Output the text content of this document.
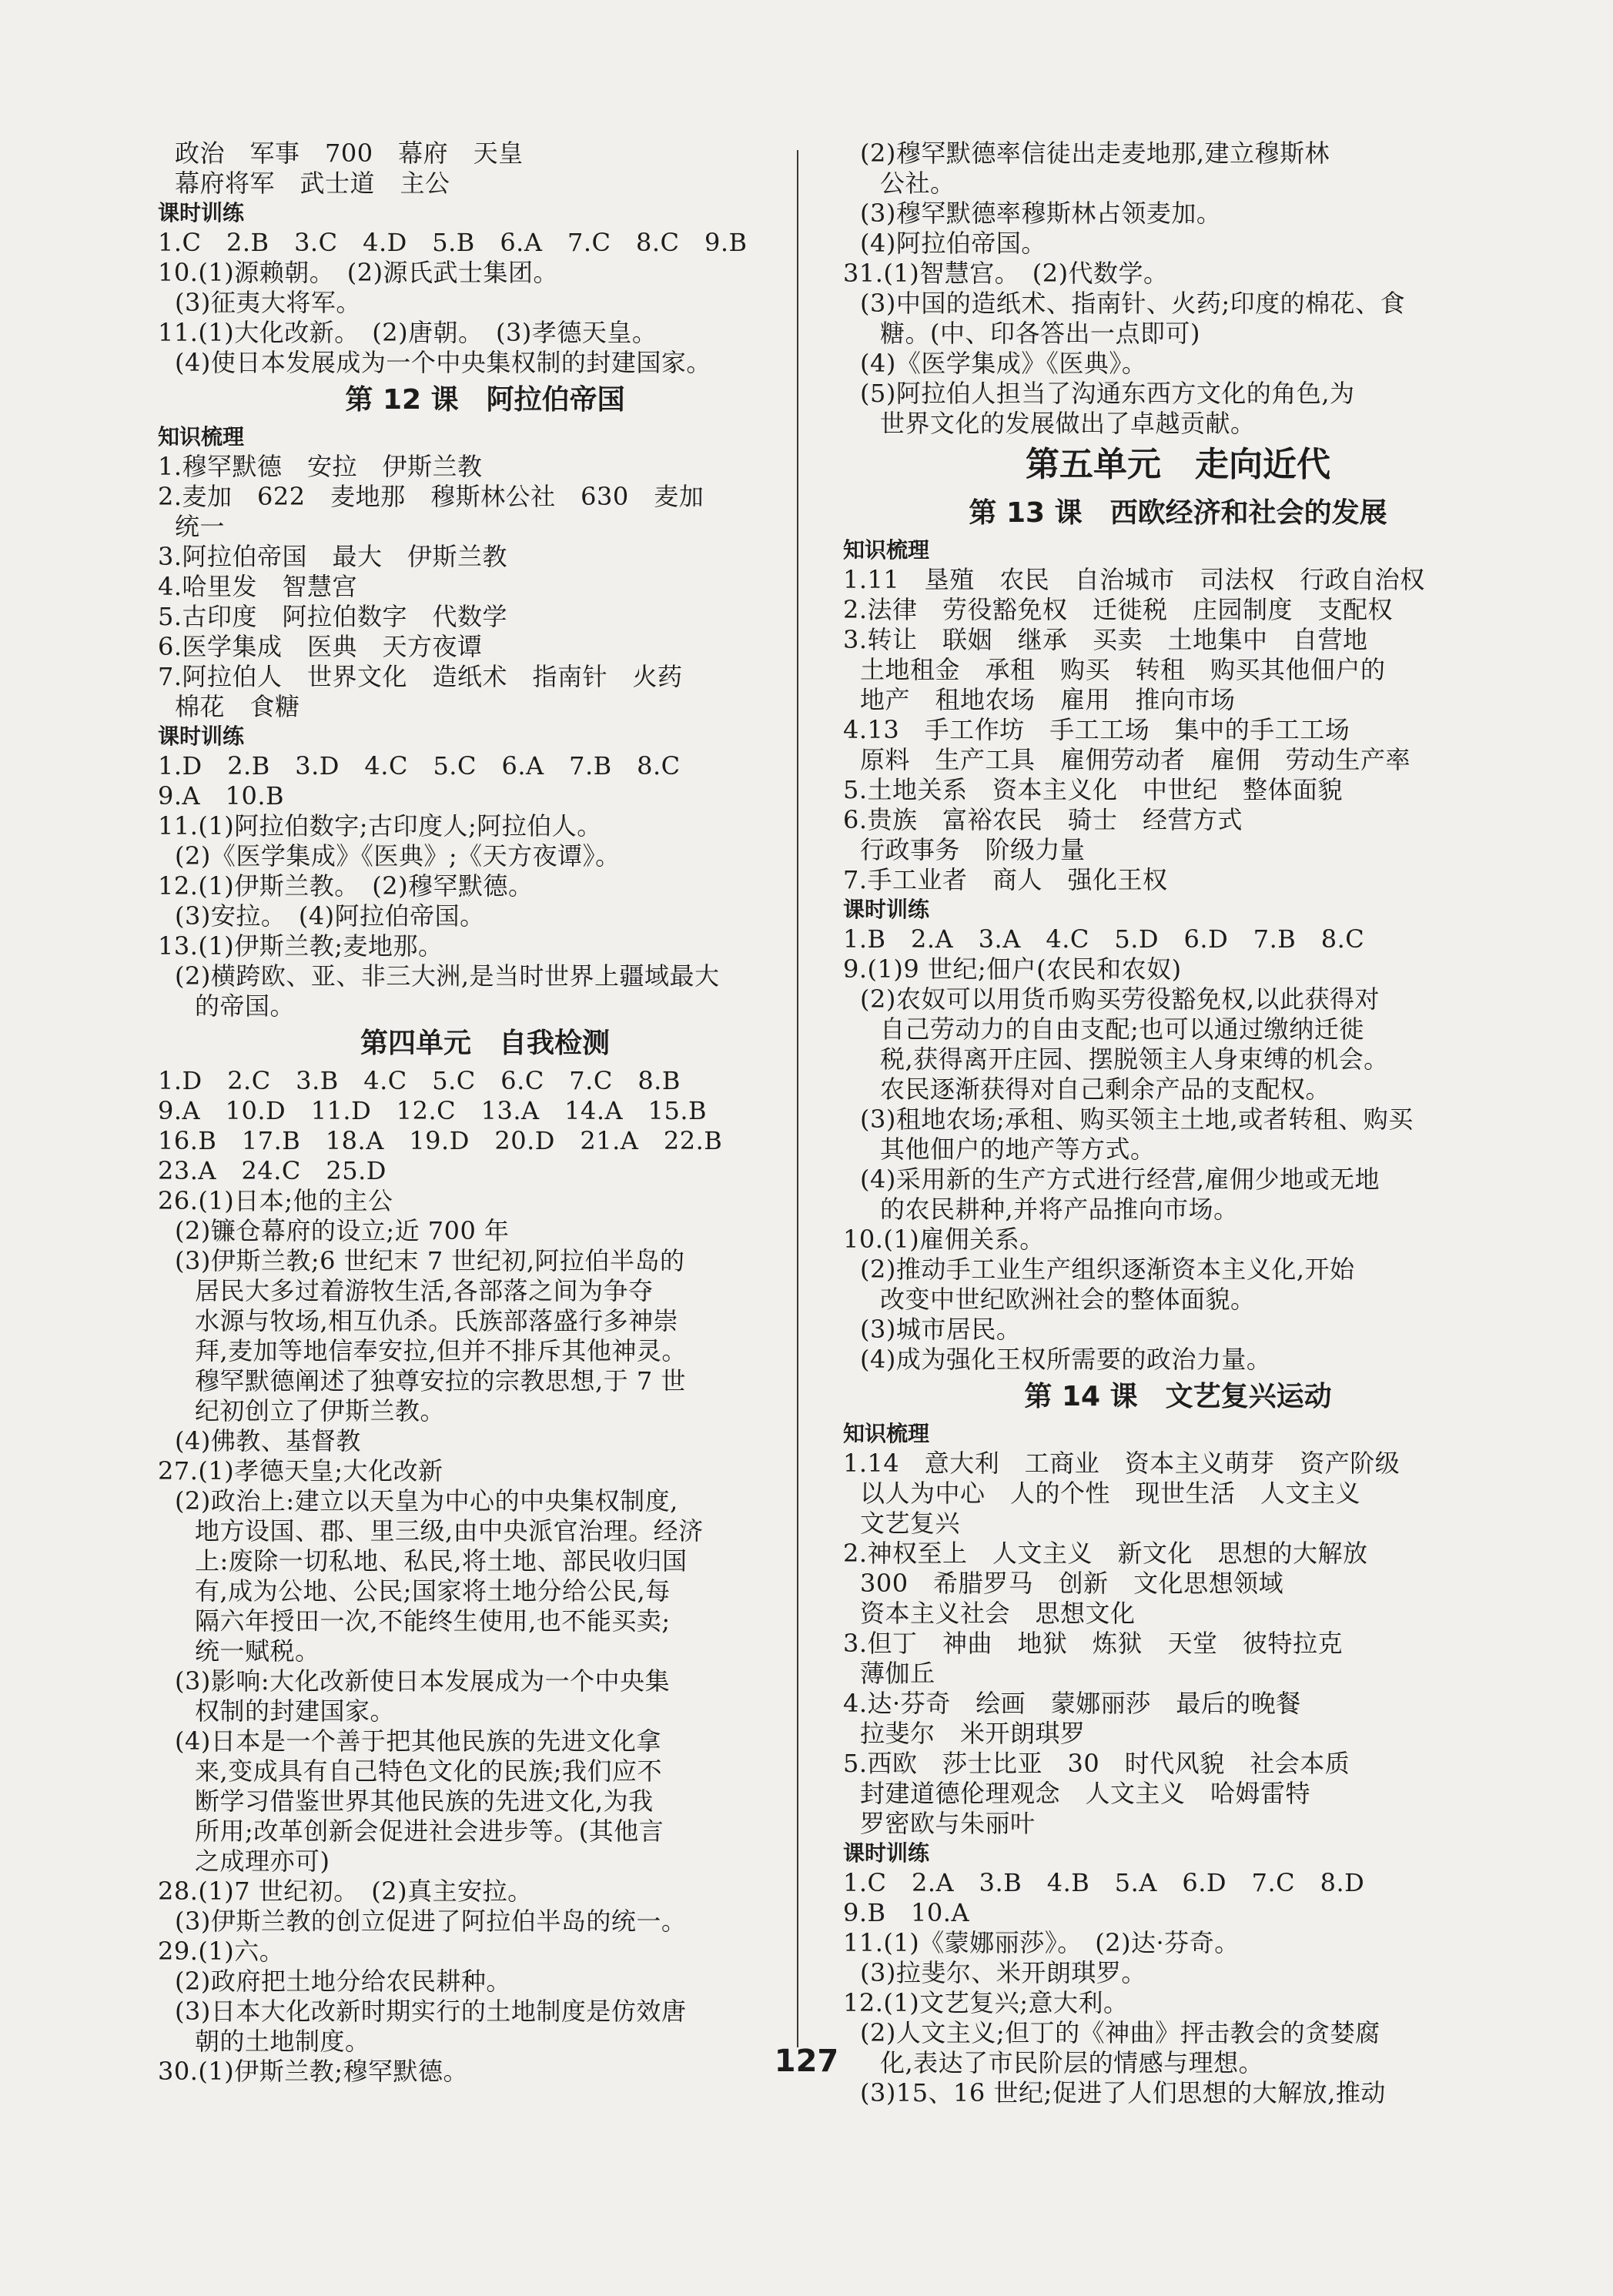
政治　军事　700　幕府　天皇
幕府将军　武士道　主公
课时训练
1.C　2.B　3.C　4.D　5.B　6.A　7.C　8.C　9.B
10.(1)源赖朝。　(2)源氏武士集团。
(3)征夷大将军。
11.(1)大化改新。　(2)唐朝。　(3)孝德天皇。
(4)使日本发展成为一个中央集权制的封建国家。
第 12 课　阿拉伯帝国
知识梳理
1.穆罕默德　安拉　伊斯兰教
2.麦加　622　麦地那　穆斯林公社　630　麦加
统一
3.阿拉伯帝国　最大　伊斯兰教
4.哈里发　智慧宫
5.古印度　阿拉伯数字　代数学
6.医学集成　医典　天方夜谭
7.阿拉伯人　世界文化　造纸术　指南针　火药
棉花　食糖
课时训练
1.D　2.B　3.D　4.C　5.C　6.A　7.B　8.C
9.A　10.B
11.(1)阿拉伯数字;古印度人;阿拉伯人。
(2)《医学集成》《医典》;《天方夜谭》。
12.(1)伊斯兰教。　(2)穆罕默德。
(3)安拉。　(4)阿拉伯帝国。
13.(1)伊斯兰教;麦地那。
(2)横跨欧、亚、非三大洲,是当时世界上疆域最大
的帝国。
第四单元　自我检测
1.D　2.C　3.B　4.C　5.C　6.C　7.C　8.B
9.A　10.D　11.D　12.C　13.A　14.A　15.B
16.B　17.B　18.A　19.D　20.D　21.A　22.B
23.A　24.C　25.D
26.(1)日本;他的主公
(2)镰仓幕府的设立;近 700 年
(3)伊斯兰教;6 世纪末 7 世纪初,阿拉伯半岛的
居民大多过着游牧生活,各部落之间为争夺
水源与牧场,相互仇杀。氏族部落盛行多神崇
拜,麦加等地信奉安拉,但并不排斥其他神灵。
穆罕默德阐述了独尊安拉的宗教思想,于 7 世
纪初创立了伊斯兰教。
(4)佛教、基督教
27.(1)孝德天皇;大化改新
(2)政治上:建立以天皇为中心的中央集权制度,
地方设国、郡、里三级,由中央派官治理。经济
上:废除一切私地、私民,将土地、部民收归国
有,成为公地、公民;国家将土地分给公民,每
隔六年授田一次,不能终生使用,也不能买卖;
统一赋税。
(3)影响:大化改新使日本发展成为一个中央集
权制的封建国家。
(4)日本是一个善于把其他民族的先进文化拿
来,变成具有自己特色文化的民族;我们应不
断学习借鉴世界其他民族的先进文化,为我
所用;改革创新会促进社会进步等。(其他言
之成理亦可)
28.(1)7 世纪初。　(2)真主安拉。
(3)伊斯兰教的创立促进了阿拉伯半岛的统一。
29.(1)六。
(2)政府把土地分给农民耕种。
(3)日本大化改新时期实行的土地制度是仿效唐
朝的土地制度。
30.(1)伊斯兰教;穆罕默德。
(2)穆罕默德率信徒出走麦地那,建立穆斯林
公社。
(3)穆罕默德率穆斯林占领麦加。
(4)阿拉伯帝国。
31.(1)智慧宫。　(2)代数学。
(3)中国的造纸术、指南针、火药;印度的棉花、食
糖。(中、印各答出一点即可)
(4)《医学集成》《医典》。
(5)阿拉伯人担当了沟通东西方文化的角色,为
世界文化的发展做出了卓越贡献。
第五单元　走向近代
第 13 课　西欧经济和社会的发展
知识梳理
1.11　垦殖　农民　自治城市　司法权　行政自治权
2.法律　劳役豁免权　迁徙税　庄园制度　支配权
3.转让　联姻　继承　买卖　土地集中　自营地
土地租金　承租　购买　转租　购买其他佃户的
地产　租地农场　雇用　推向市场
4.13　手工作坊　手工工场　集中的手工工场
原料　生产工具　雇佣劳动者　雇佣　劳动生产率
5.土地关系　资本主义化　中世纪　整体面貌
6.贵族　富裕农民　骑士　经营方式
行政事务　阶级力量
7.手工业者　商人　强化王权
课时训练
1.B　2.A　3.A　4.C　5.D　6.D　7.B　8.C
9.(1)9 世纪;佃户(农民和农奴)
(2)农奴可以用货币购买劳役豁免权,以此获得对
自己劳动力的自由支配;也可以通过缴纳迁徙
税,获得离开庄园、摆脱领主人身束缚的机会。
农民逐渐获得对自己剩余产品的支配权。
(3)租地农场;承租、购买领主土地,或者转租、购买
其他佃户的地产等方式。
(4)采用新的生产方式进行经营,雇佣少地或无地
的农民耕种,并将产品推向市场。
10.(1)雇佣关系。
(2)推动手工业生产组织逐渐资本主义化,开始
改变中世纪欧洲社会的整体面貌。
(3)城市居民。
(4)成为强化王权所需要的政治力量。
第 14 课　文艺复兴运动
知识梳理
1.14　意大利　工商业　资本主义萌芽　资产阶级
以人为中心　人的个性　现世生活　人文主义
文艺复兴
2.神权至上　人文主义　新文化　思想的大解放
300　希腊罗马　创新　文化思想领域
资本主义社会　思想文化
3.但丁　神曲　地狱　炼狱　天堂　彼特拉克
薄伽丘
4.达·芬奇　绘画　蒙娜丽莎　最后的晚餐
拉斐尔　米开朗琪罗
5.西欧　莎士比亚　30　时代风貌　社会本质
封建道德伦理观念　人文主义　哈姆雷特
罗密欧与朱丽叶
课时训练
1.C　2.A　3.B　4.B　5.A　6.D　7.C　8.D
9.B　10.A
11.(1)《蒙娜丽莎》。　(2)达·芬奇。
(3)拉斐尔、米开朗琪罗。
12.(1)文艺复兴;意大利。
(2)人文主义;但丁的《神曲》抨击教会的贪婪腐
化,表达了市民阶层的情感与理想。
(3)15、16 世纪;促进了人们思想的大解放,推动
127
